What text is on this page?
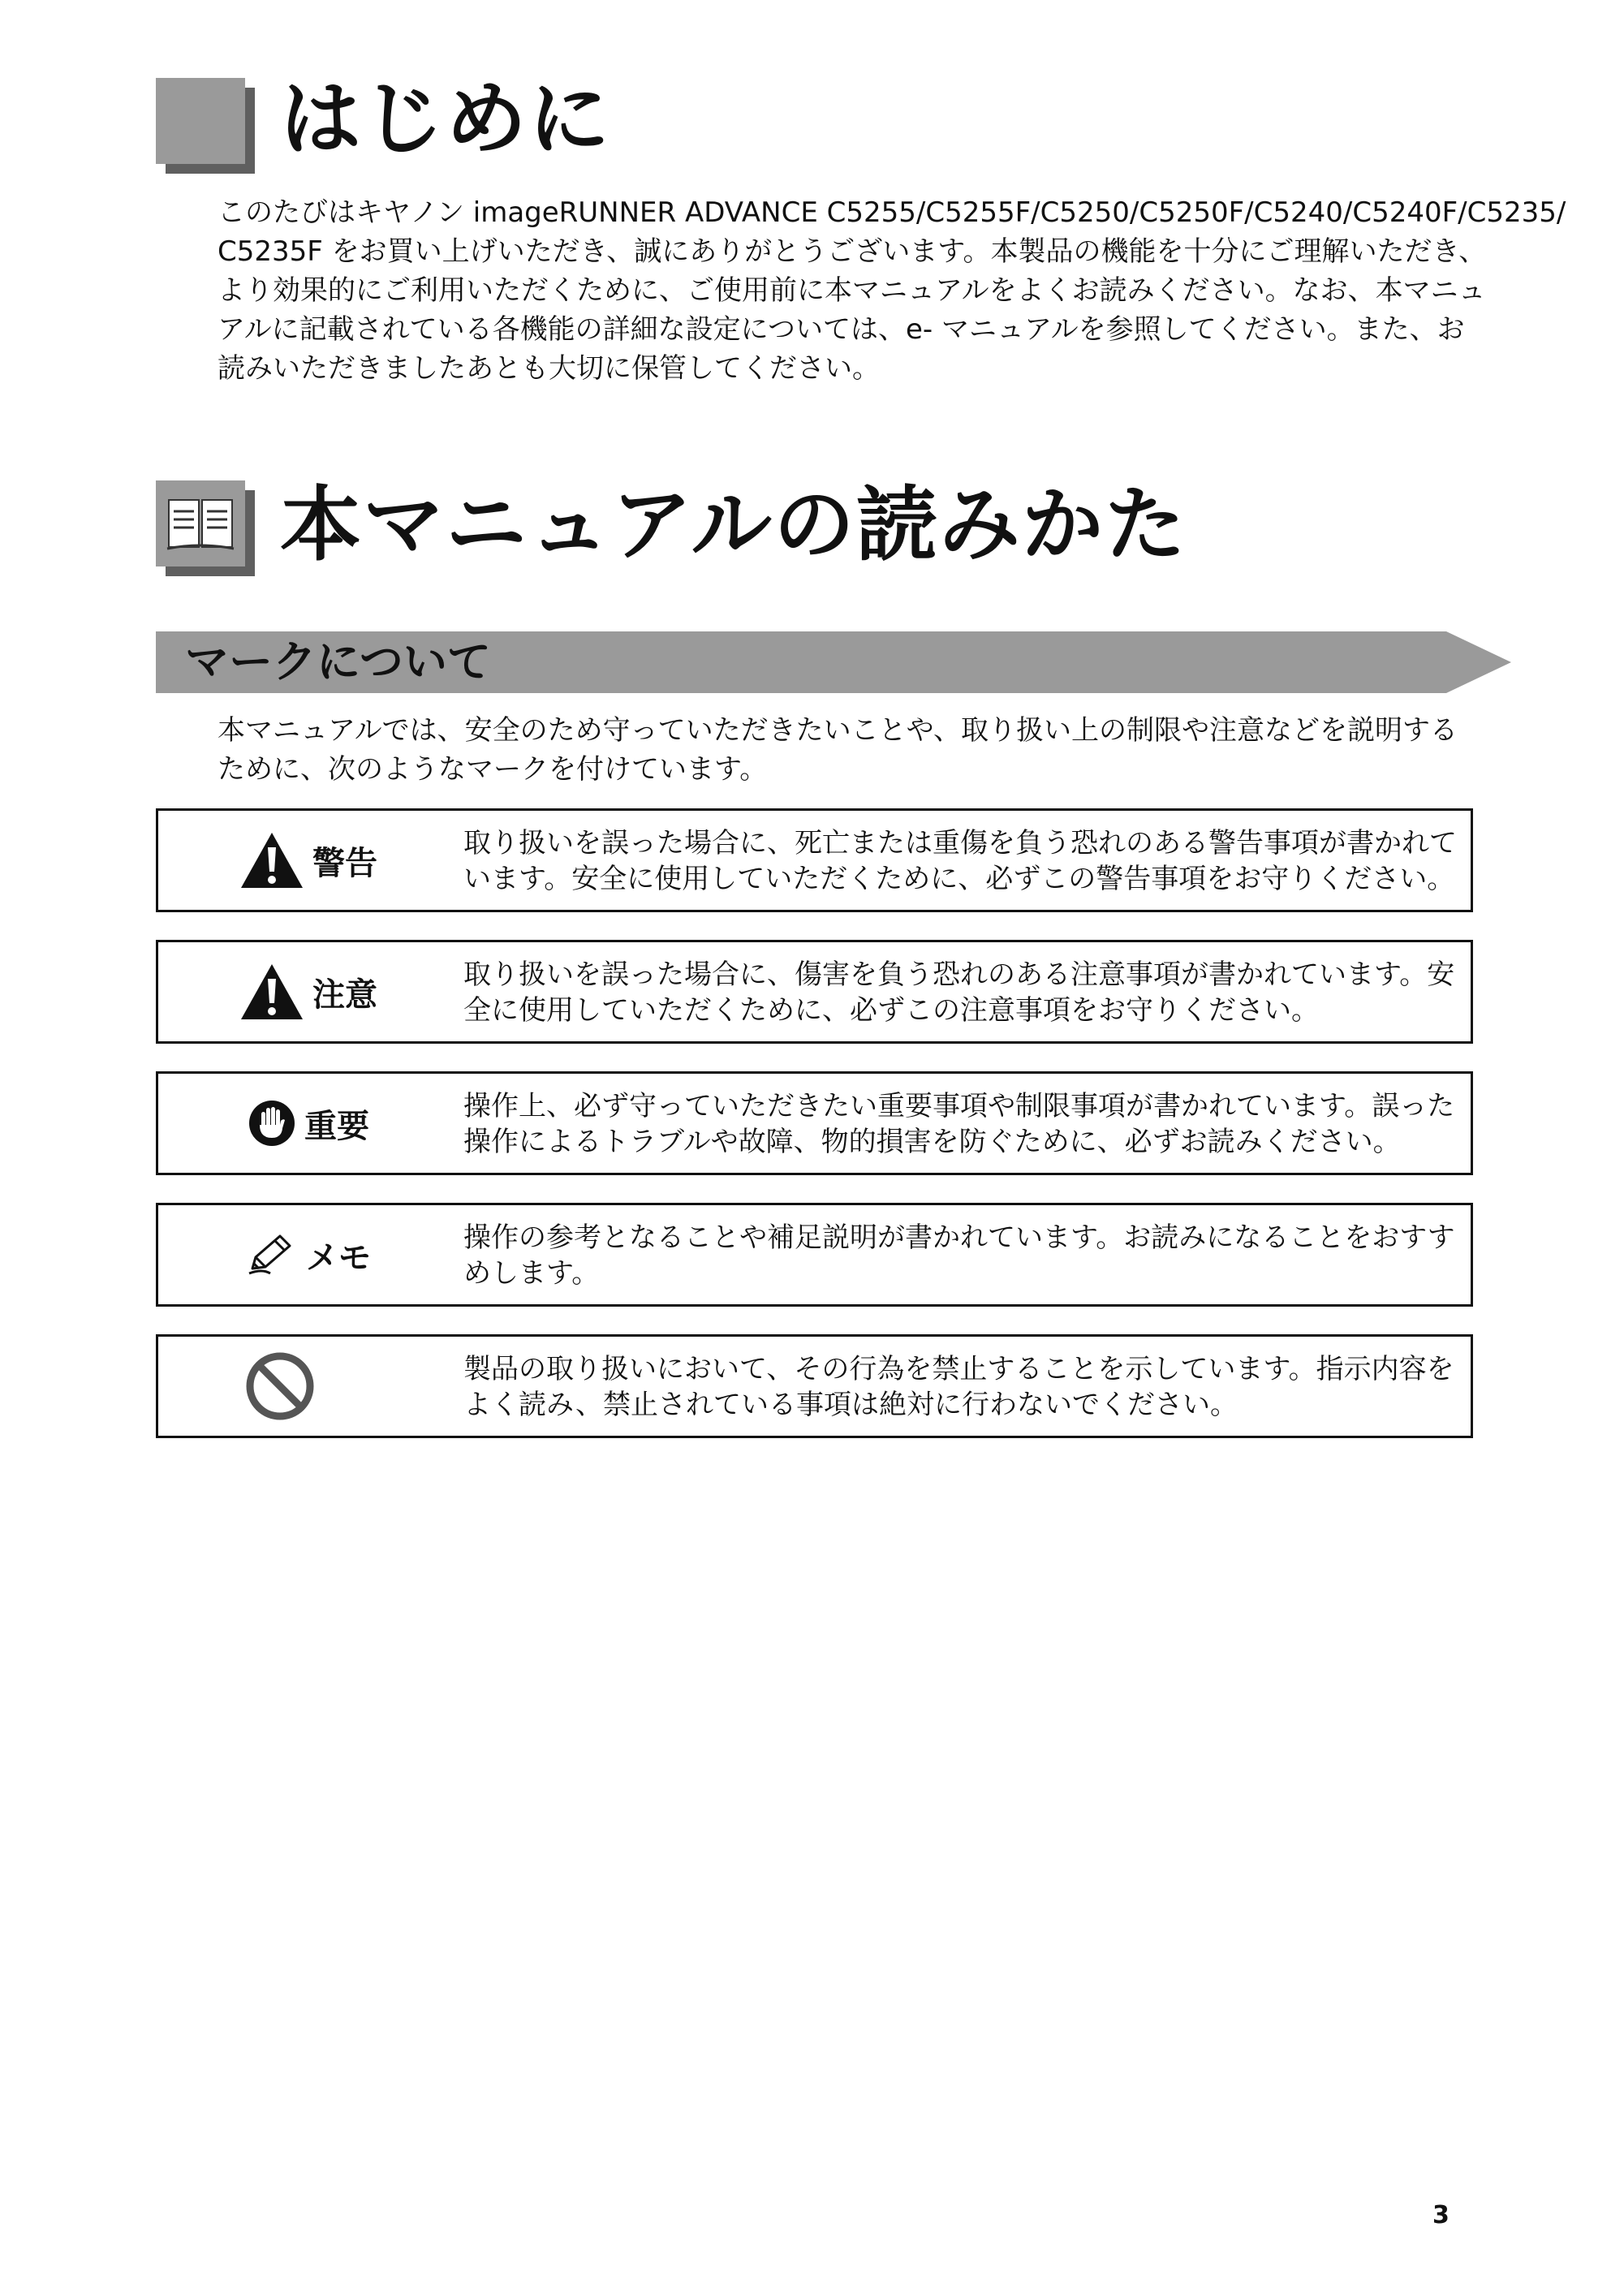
はじめに
このたびはキヤノン imageRUNNER ADVANCE C5255/C5255F/C5250/C5250F/C5240/C5240F/C5235/
C5235F をお買い上げいただき、誠にありがとうございます。本製品の機能を十分にご理解いただき、
より効果的にご利用いただくために、ご使用前に本マニュアルをよくお読みください。なお、本マニュ
アルに記載されている各機能の詳細な設定については、e- マニュアルを参照してください。また、お
読みいただきましたあとも大切に保管してください。
本マニュアルの読みかた
マークについて
本マニュアルでは、安全のため守っていただきたいことや、取り扱い上の制限や注意などを説明する
ために、次のようなマークを付けています。
警告
取り扱いを誤った場合に、死亡または重傷を負う恐れのある警告事項が書かれて
います。安全に使用していただくために、必ずこの警告事項をお守りください。
注意
取り扱いを誤った場合に、傷害を負う恐れのある注意事項が書かれています。安
全に使用していただくために、必ずこの注意事項をお守りください。
重要
操作上、必ず守っていただきたい重要事項や制限事項が書かれています。誤った
操作によるトラブルや故障、物的損害を防ぐために、必ずお読みください。
メモ
操作の参考となることや補足説明が書かれています。お読みになることをおすす
めします。
製品の取り扱いにおいて、その行為を禁止することを示しています。指示内容を
よく読み、禁止されている事項は絶対に行わないでください。
3
